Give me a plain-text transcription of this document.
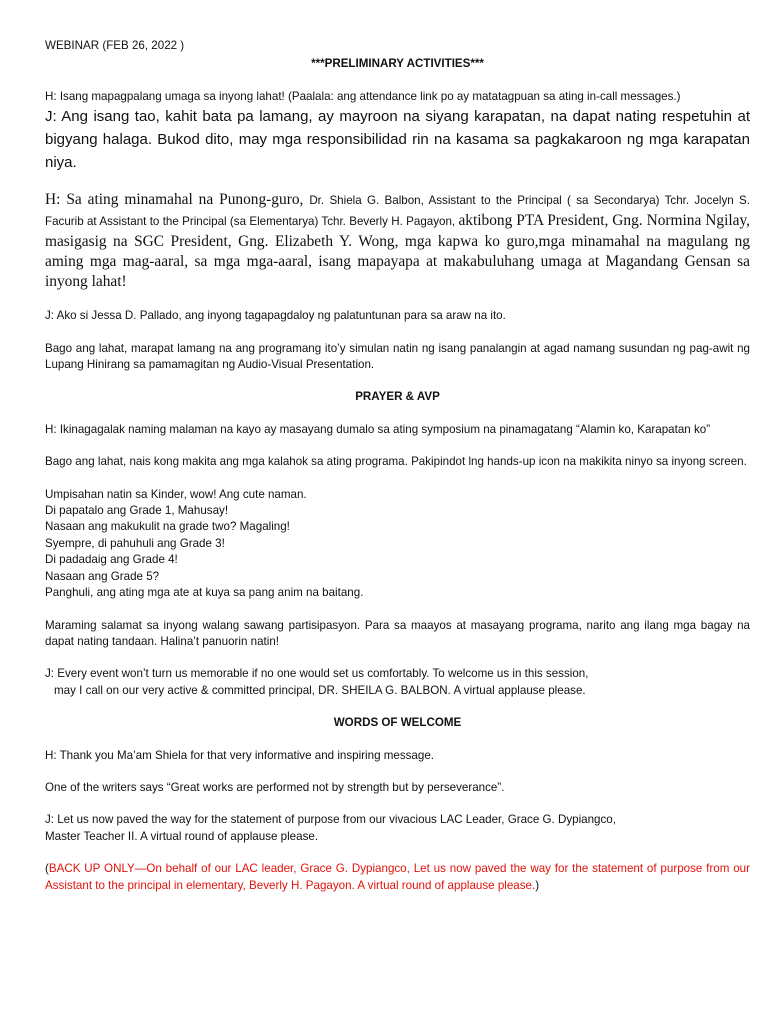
WEBINAR (FEB 26, 2022 )

***PRELIMINARY ACTIVITIES***

H: Isang mapagpalang umaga sa inyong lahat! (Paalala: ang attendance link po ay matatagpuan sa ating in-call messages.)

J: Ang isang tao, kahit bata pa lamang, ay mayroon na siyang karapatan, na dapat nating respetuhin at bigyang halaga. Bukod dito, may mga responsibilidad rin na kasama sa pagkakaroon ng mga karapatan niya.

H: Sa ating minamahal na Punong-guro, Dr. Shiela G. Balbon, Assistant to the Principal ( sa Secondarya) Tchr. Jocelyn S. Facurib at Assistant to the Principal (sa Elementarya) Tchr. Beverly H. Pagayon, aktibong PTA President, Gng. Normina Ngilay, masigasig na SGC President, Gng. Elizabeth Y. Wong, mga kapwa ko guro,mga minamahal na magulang ng aming mga mag-aaral, sa mga mga-aaral, isang mapayapa at makabuluhang umaga at Magandang Gensan sa inyong lahat!

J: Ako si Jessa D. Pallado, ang inyong tagapagdaloy ng palatuntunan para sa araw na ito.

Bago ang lahat, marapat lamang na ang programang ito’y simulan natin ng isang panalangin at agad namang susundan ng pag-awit ng Lupang Hinirang sa pamamagitan ng Audio-Visual Presentation.

PRAYER & AVP

H: Ikinagagalak naming malaman na kayo ay masayang dumalo sa ating symposium na pinamagatang “Alamin ko, Karapatan ko”

Bago ang lahat, nais kong makita ang mga kalahok sa ating programa. Pakipindot lng hands-up icon na makikita ninyo sa inyong screen.

Umpisahan natin sa Kinder, wow! Ang cute naman.

Di papatalo ang Grade 1, Mahusay!

Nasaan ang makukulit na grade two? Magaling!

Syempre, di pahuhuli ang Grade 3!

Di padadaig ang Grade 4!

Nasaan ang Grade 5?

Panghuli, ang ating mga ate at kuya sa pang anim na baitang.

Maraming salamat sa inyong walang sawang partisipasyon. Para sa maayos at masayang programa, narito ang ilang mga bagay na dapat nating tandaan. Halina’t panuorin natin!

J: Every event won’t turn us memorable if no one would set us comfortably. To welcome us in this session,

may I call on our very active & committed principal, DR. SHEILA G. BALBON. A virtual applause please.

WORDS OF WELCOME

H: Thank you Ma’am Shiela for that very informative and inspiring message.

One of the writers says “Great works are performed not by strength but by perseverance”.

J: Let us now paved the way for the statement of purpose from our vivacious LAC Leader, Grace G. Dypiangco,

Master Teacher II. A virtual round of applause please.

(BACK UP ONLY—On behalf of our LAC leader, Grace G. Dypiangco, Let us now paved the way for the statement of purpose from our Assistant to the principal in elementary, Beverly H. Pagayon. A virtual round of applause please.)
